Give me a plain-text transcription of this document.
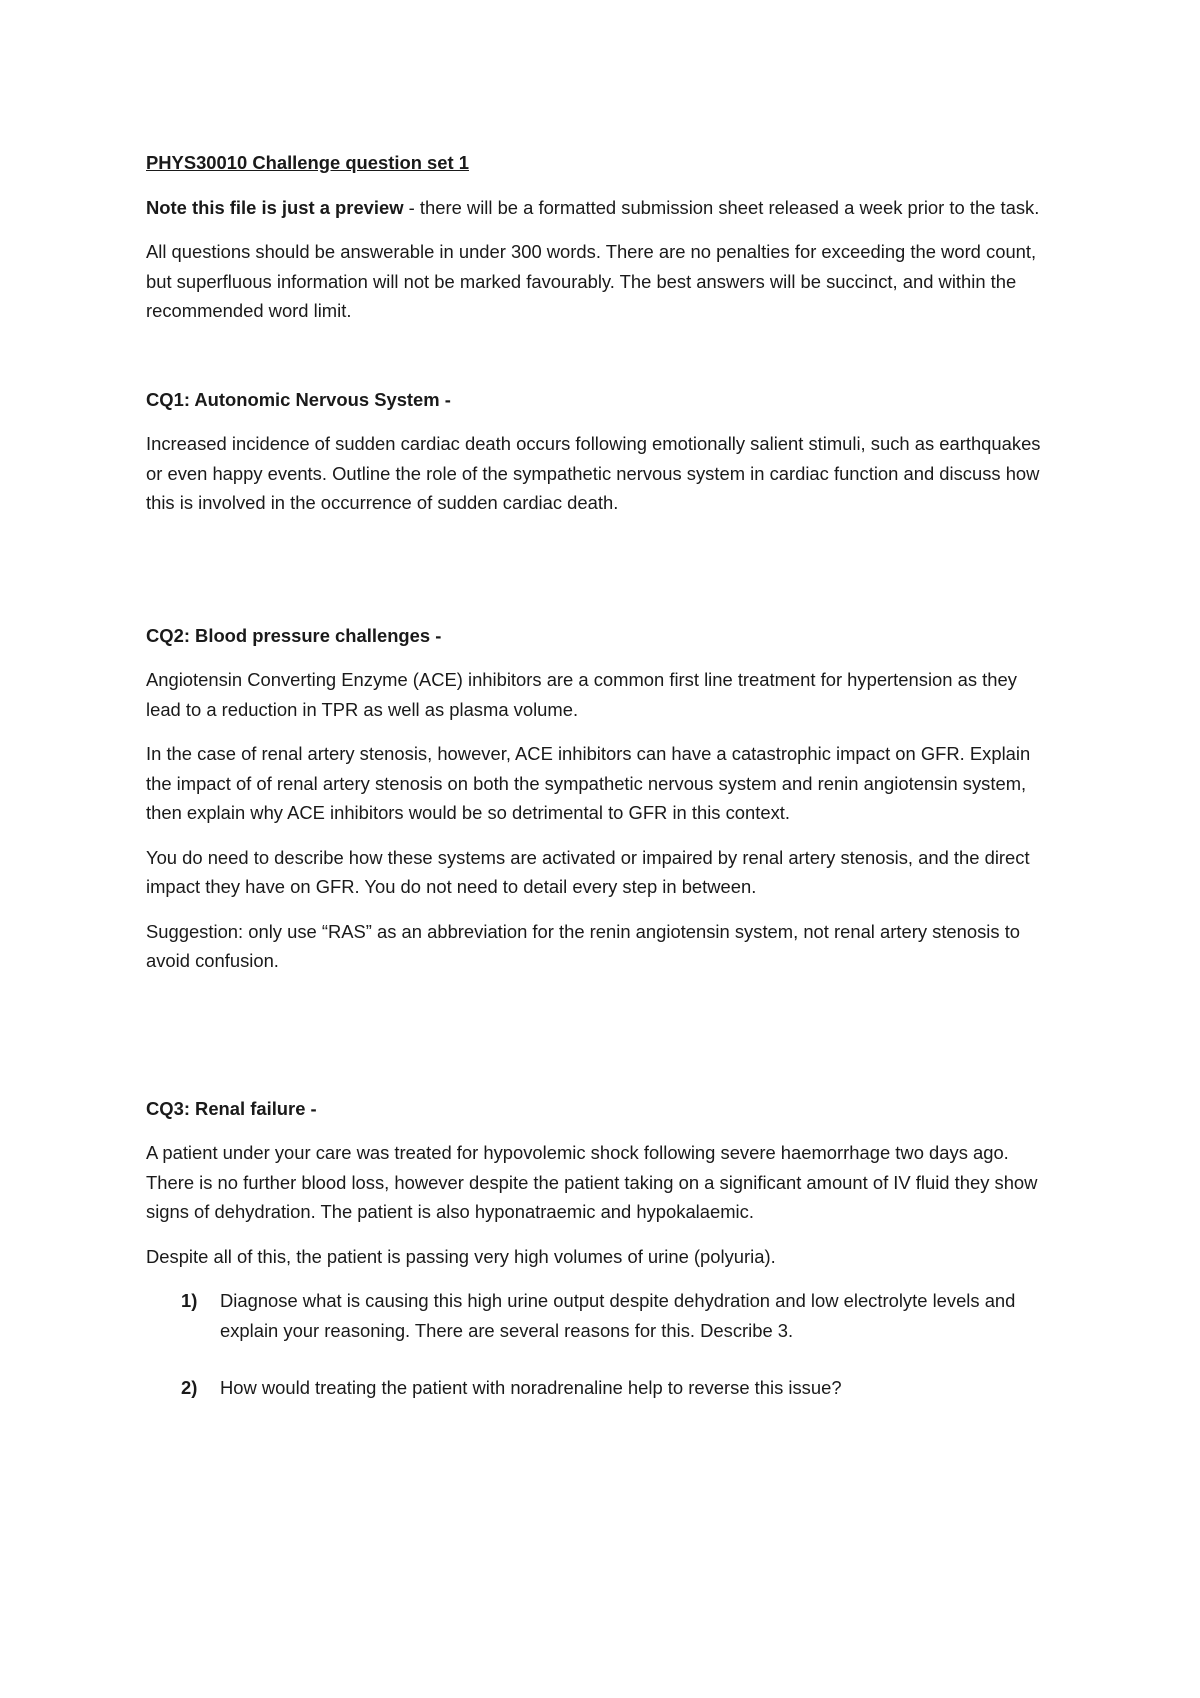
PHYS30010 Challenge question set 1

Note this file is just a preview - there will be a formatted submission sheet released a week prior to the task.

All questions should be answerable in under 300 words. There are no penalties for exceeding the word count, but superfluous information will not be marked favourably. The best answers will be succinct, and within the recommended word limit.

CQ1: Autonomic Nervous System -

Increased incidence of sudden cardiac death occurs following emotionally salient stimuli, such as earthquakes or even happy events. Outline the role of the sympathetic nervous system in cardiac function and discuss how this is involved in the occurrence of sudden cardiac death.

CQ2: Blood pressure challenges -

Angiotensin Converting Enzyme (ACE) inhibitors are a common first line treatment for hypertension as they lead to a reduction in TPR as well as plasma volume.

In the case of renal artery stenosis, however, ACE inhibitors can have a catastrophic impact on GFR. Explain the impact of of renal artery stenosis on both the sympathetic nervous system and renin angiotensin system, then explain why ACE inhibitors would be so detrimental to GFR in this context.

You do need to describe how these systems are activated or impaired by renal artery stenosis, and the direct impact they have on GFR. You do not need to detail every step in between.

Suggestion: only use “RAS” as an abbreviation for the renin angiotensin system, not renal artery stenosis to avoid confusion.

CQ3: Renal failure -

A patient under your care was treated for hypovolemic shock following severe haemorrhage two days ago. There is no further blood loss, however despite the patient taking on a significant amount of IV fluid they show signs of dehydration. The patient is also hyponatraemic and hypokalaemic.

Despite all of this, the patient is passing very high volumes of urine (polyuria).

1) Diagnose what is causing this high urine output despite dehydration and low electrolyte levels and explain your reasoning. There are several reasons for this. Describe 3.
2) How would treating the patient with noradrenaline help to reverse this issue?
